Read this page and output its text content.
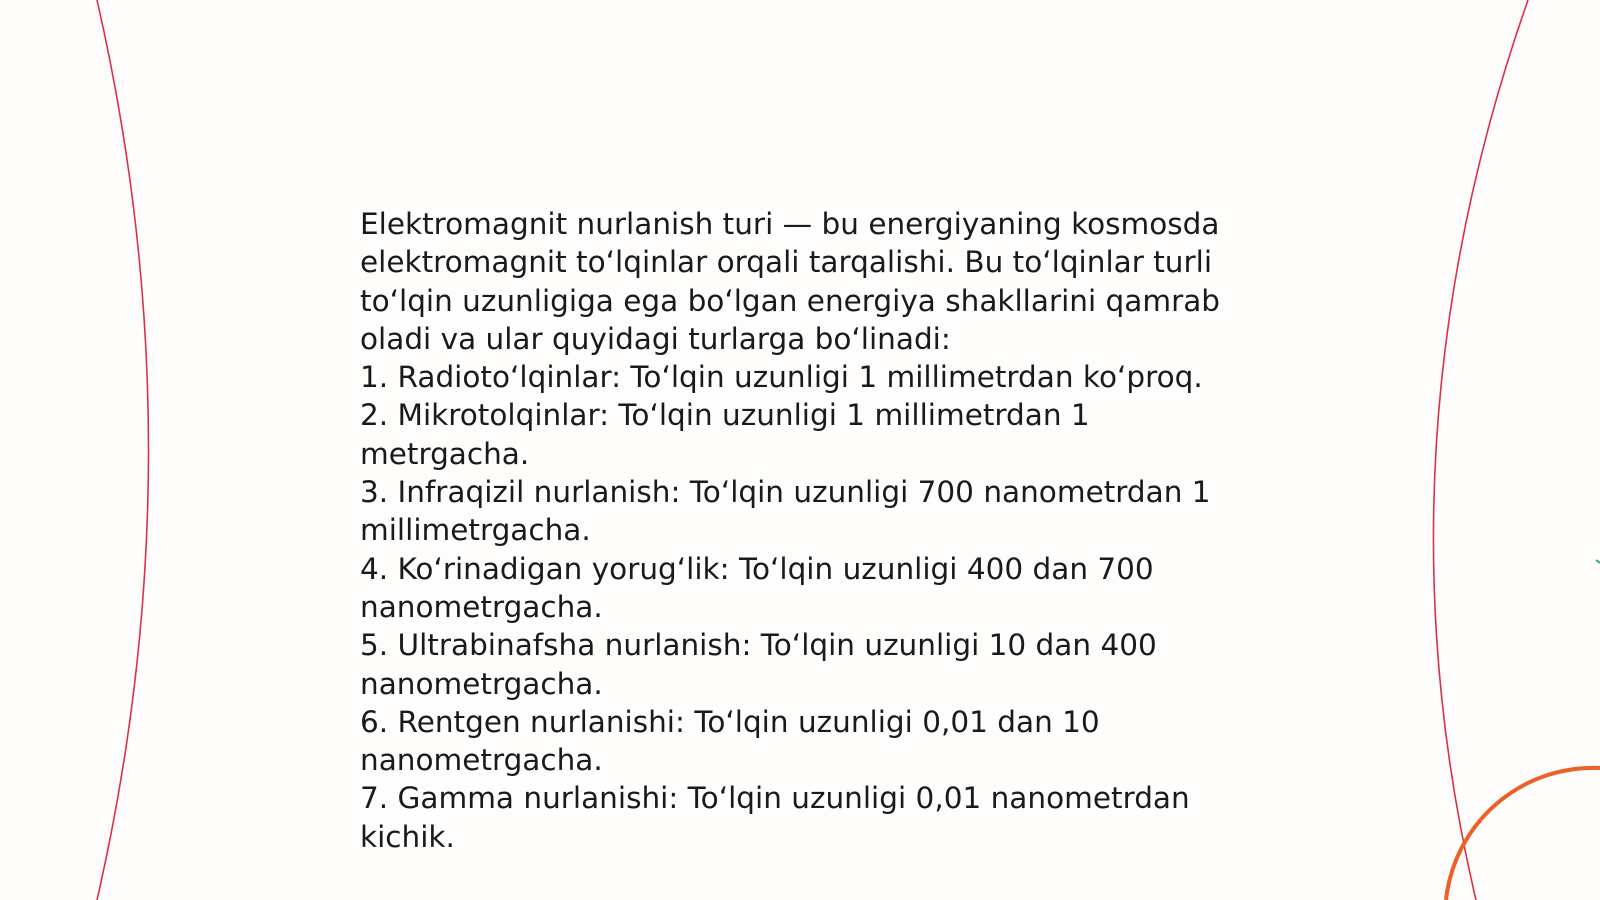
Elektromagnit nurlanish turi — bu energiyaning kosmosda elektromagnit toʻlqinlar orqali tarqalishi. Bu toʻlqinlar turli toʻlqin uzunligiga ega boʻlgan energiya shakllarini qamrab oladi va ular quyidagi turlarga boʻlinadi:

1. Radiotoʻlqinlar: Toʻlqin uzunligi 1 millimetrdan koʻproq.

2. Mikrotolqinlar: Toʻlqin uzunligi 1 millimetrdan 1 metrgacha.

3. Infraqizil nurlanish: Toʻlqin uzunligi 700 nanometrdan 1 millimetrgacha.

4. Koʻrinadigan yorugʻlik: Toʻlqin uzunligi 400 dan 700 nanometrgacha.

5. Ultrabinafsha nurlanish: Toʻlqin uzunligi 10 dan 400 nanometrgacha.

6. Rentgen nurlanishi: Toʻlqin uzunligi 0,01 dan 10 nanometrgacha.

7. Gamma nurlanishi: Toʻlqin uzunligi 0,01 nanometrdan kichik.
